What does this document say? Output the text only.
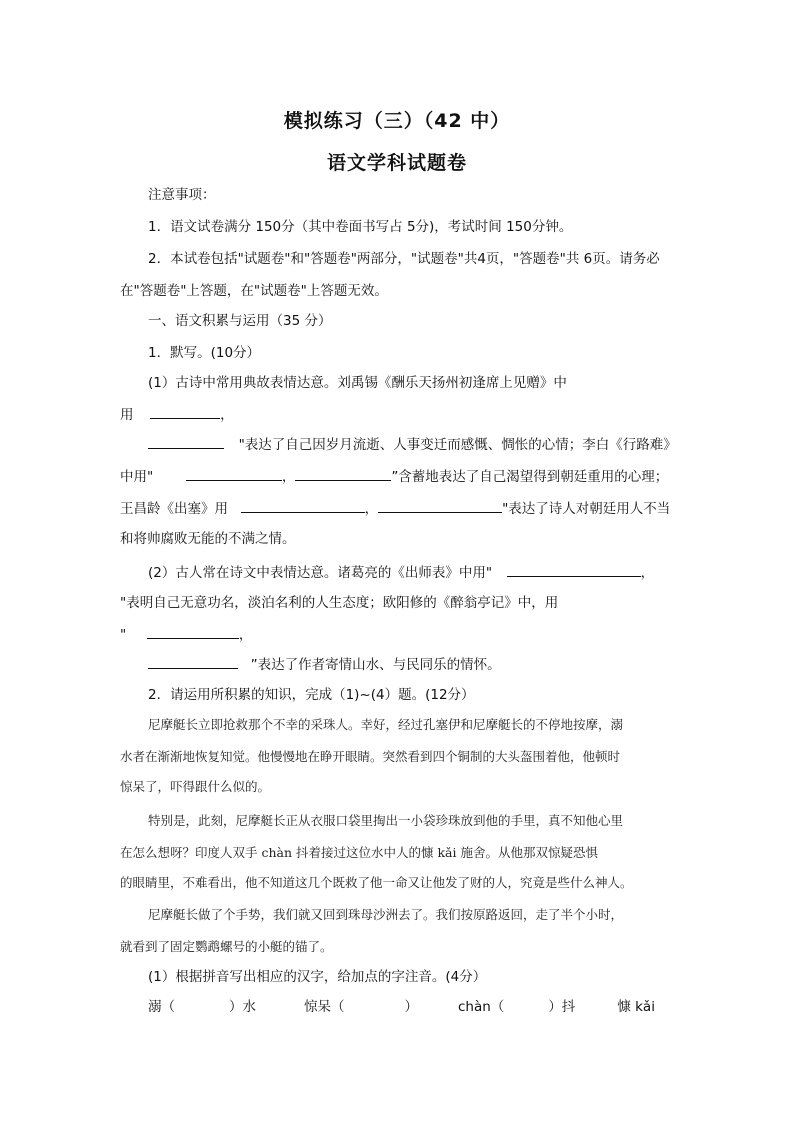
模拟练习（三）（42 中）
语文学科试题卷
注意事项：
1．语文试卷满分 150分（其中卷面书写占 5分)，考试时间 150分钟。
2．本试卷包括"试题卷"和"答题卷"两部分，"试题卷"共4页，"答题卷"共 6页。请务必
在"答题卷"上答题，在"试题卷"上答题无效。
一、语文积累与运用（35 分）
1．默写。(10分）
(1）古诗中常用典故表情达意。刘禹锡《酬乐天扬州初逢席上见赠》中
用	，
"表达了自己因岁月流逝、人事变迁而感慨、惆怅的心情；李白《行路难》
中用"	，	”含蓄地表达了自己渴望得到朝廷重用的心理；
王昌龄《出塞》用	，	"表达了诗人对朝廷用人不当
和将帅腐败无能的不满之情。
(2）古人常在诗文中表情达意。诸葛亮的《出师表》中用"	，
"表明自己无意功名，淡泊名利的人生态度；欧阳修的《醉翁亭记》中，用
"	，
”表达了作者寄情山水、与民同乐的情怀。
2．请运用所积累的知识，完成（1)~(4）题。(12分）
尼摩艇长立即抢救那个不幸的采珠人。幸好，经过孔塞伊和尼摩艇长的不停地按摩，溺
水者在渐渐地恢复知觉。他慢慢地在睁开眼睛。突然看到四个铜制的大头盔围着他，他顿时
惊呆了，吓得跟什么似的。
特别是，此刻，尼摩艇长正从衣服口袋里掏出一小袋珍珠放到他的手里，真不知他心里
在怎么想呀？印度人双手 chàn 抖着接过这位水中人的慷 kǎi 施舍。从他那双惊疑恐惧
的眼睛里，不难看出，他不知道这几个既救了他一命又让他发了财的人，究竟是些什么神人。
尼摩艇长做了个手势，我们就又回到珠母沙洲去了。我们按原路返回，走了半个小时，
就看到了固定鹦鹉螺号的小艇的锚了。
(1）根据拼音写出相应的汉字，给加点的字注音。(4分）
溺（	）水	惊呆（	）	chàn（	）抖	慷 kǎi
